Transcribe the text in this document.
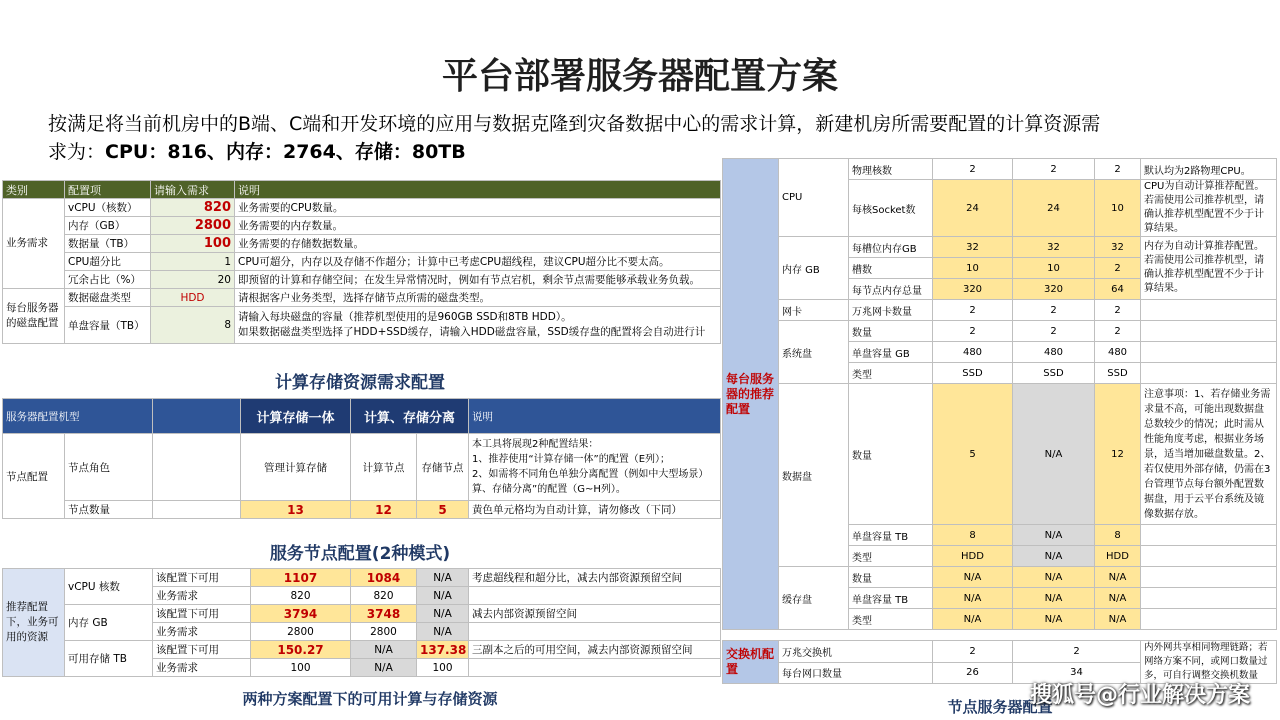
平台部署服务器配置方案
按满足将当前机房中的B端、C端和开发环境的应用与数据克隆到灾备数据中心的需求计算，新建机房所需要配置的计算资源需
求为：CPU：816、内存：2764、存储：80TB
类别	配置项	请输入需求	说明
业务需求	vCPU（核数）	820	业务需要的CPU数量。
	内存（GB）	2800	业务需要的内存数量。
	数据量（TB）	100	业务需要的存储数据数量。
	CPU超分比	1	CPU可超分，内存以及存储不作超分；计算中已考虑CPU超线程，建议CPU超分比不要太高。
	冗余占比（%）	20	即预留的计算和存储空间；在发生异常情况时，例如有节点宕机，剩余节点需要能够承载业务负载。
每台服务器的磁盘配置	数据磁盘类型	HDD	请根据客户业务类型，选择存储节点所需的磁盘类型。
	单盘容量（TB）	8	请输入每块磁盘的容量（推荐机型使用的是960GB SSD和8TB HDD）。
如果数据磁盘类型选择了HDD+SSD缓存，请输入HDD磁盘容量，SSD缓存盘的配置将会自动进行计
计算存储资源需求配置
服务器配置机型			计算存储一体	计算、存储分离		说明
节点配置	节点角色		管理计算存储	计算节点	存储节点	本工具将展现2种配置结果：
1、推荐使用“计算存储一体”的配置（E列）；
2、如需将不同角色单独分离配置（例如中大型场景）
算、存储分离”的配置（G~H列）。

	节点数量		13	12	5	黄色单元格均为自动计算，请勿修改（下同）
服务节点配置(2种模式)
推荐配置下，业务可用的资源	vCPU 核数	该配置下可用	1107	1084	N/A	考虑超线程和超分比，减去内部资源预留空间
		业务需求	820	820	N/A	
	内存 GB	该配置下可用	3794	3748	N/A	减去内部资源预留空间
		业务需求	2800	2800	N/A	
	可用存储 TB	该配置下可用	150.27	N/A	137.38	三副本之后的可用空间，减去内部资源预留空间
		业务需求	100	N/A	100	
两种方案配置下的可用计算与存储资源
每台服务器的推荐配置	CPU	物理核数	2	2	2	默认均为2路物理CPU。
		每核Socket数	24	24	10	CPU为自动计算推荐配置。若需使用公司推荐机型，请确认推荐机型配置不少于计算结果。
	内存 GB	每槽位内存GB	32	32	32	内存为自动计算推荐配置。若需使用公司推荐机型，请确认推荐机型配置不少于计算结果。
		槽数	10	10	2	
		每节点内存总量	320	320	64	
	网卡	万兆网卡数量	2	2	2	
	系统盘	数量	2	2	2	
		单盘容量 GB	480	480	480	
		类型	SSD	SSD	SSD	
	数据盘	数量	5	N/A	12	注意事项：1、若存储业务需求量不高，可能出现数据盘总数较少的情况；此时需从性能角度考虑，根据业务场景，适当增加磁盘数量。2、若仅使用外部存储，仍需在3台管理节点每台额外配置数据盘，用于云平台系统及镜像数据存放。
		单盘容量 TB	8	N/A	8	
		类型	HDD	N/A	HDD	
	缓存盘	数量	N/A	N/A	N/A	
		单盘容量 TB	N/A	N/A	N/A	
		类型	N/A	N/A	N/A	
交换机配置	万兆交换机	2	2	内外网共享相同物理链路；若网络方案不同，或网口数量过多，可自行调整交换机数量
	每台网口数量	26	34	
节点服务器配置
搜狐号@行业解决方案
